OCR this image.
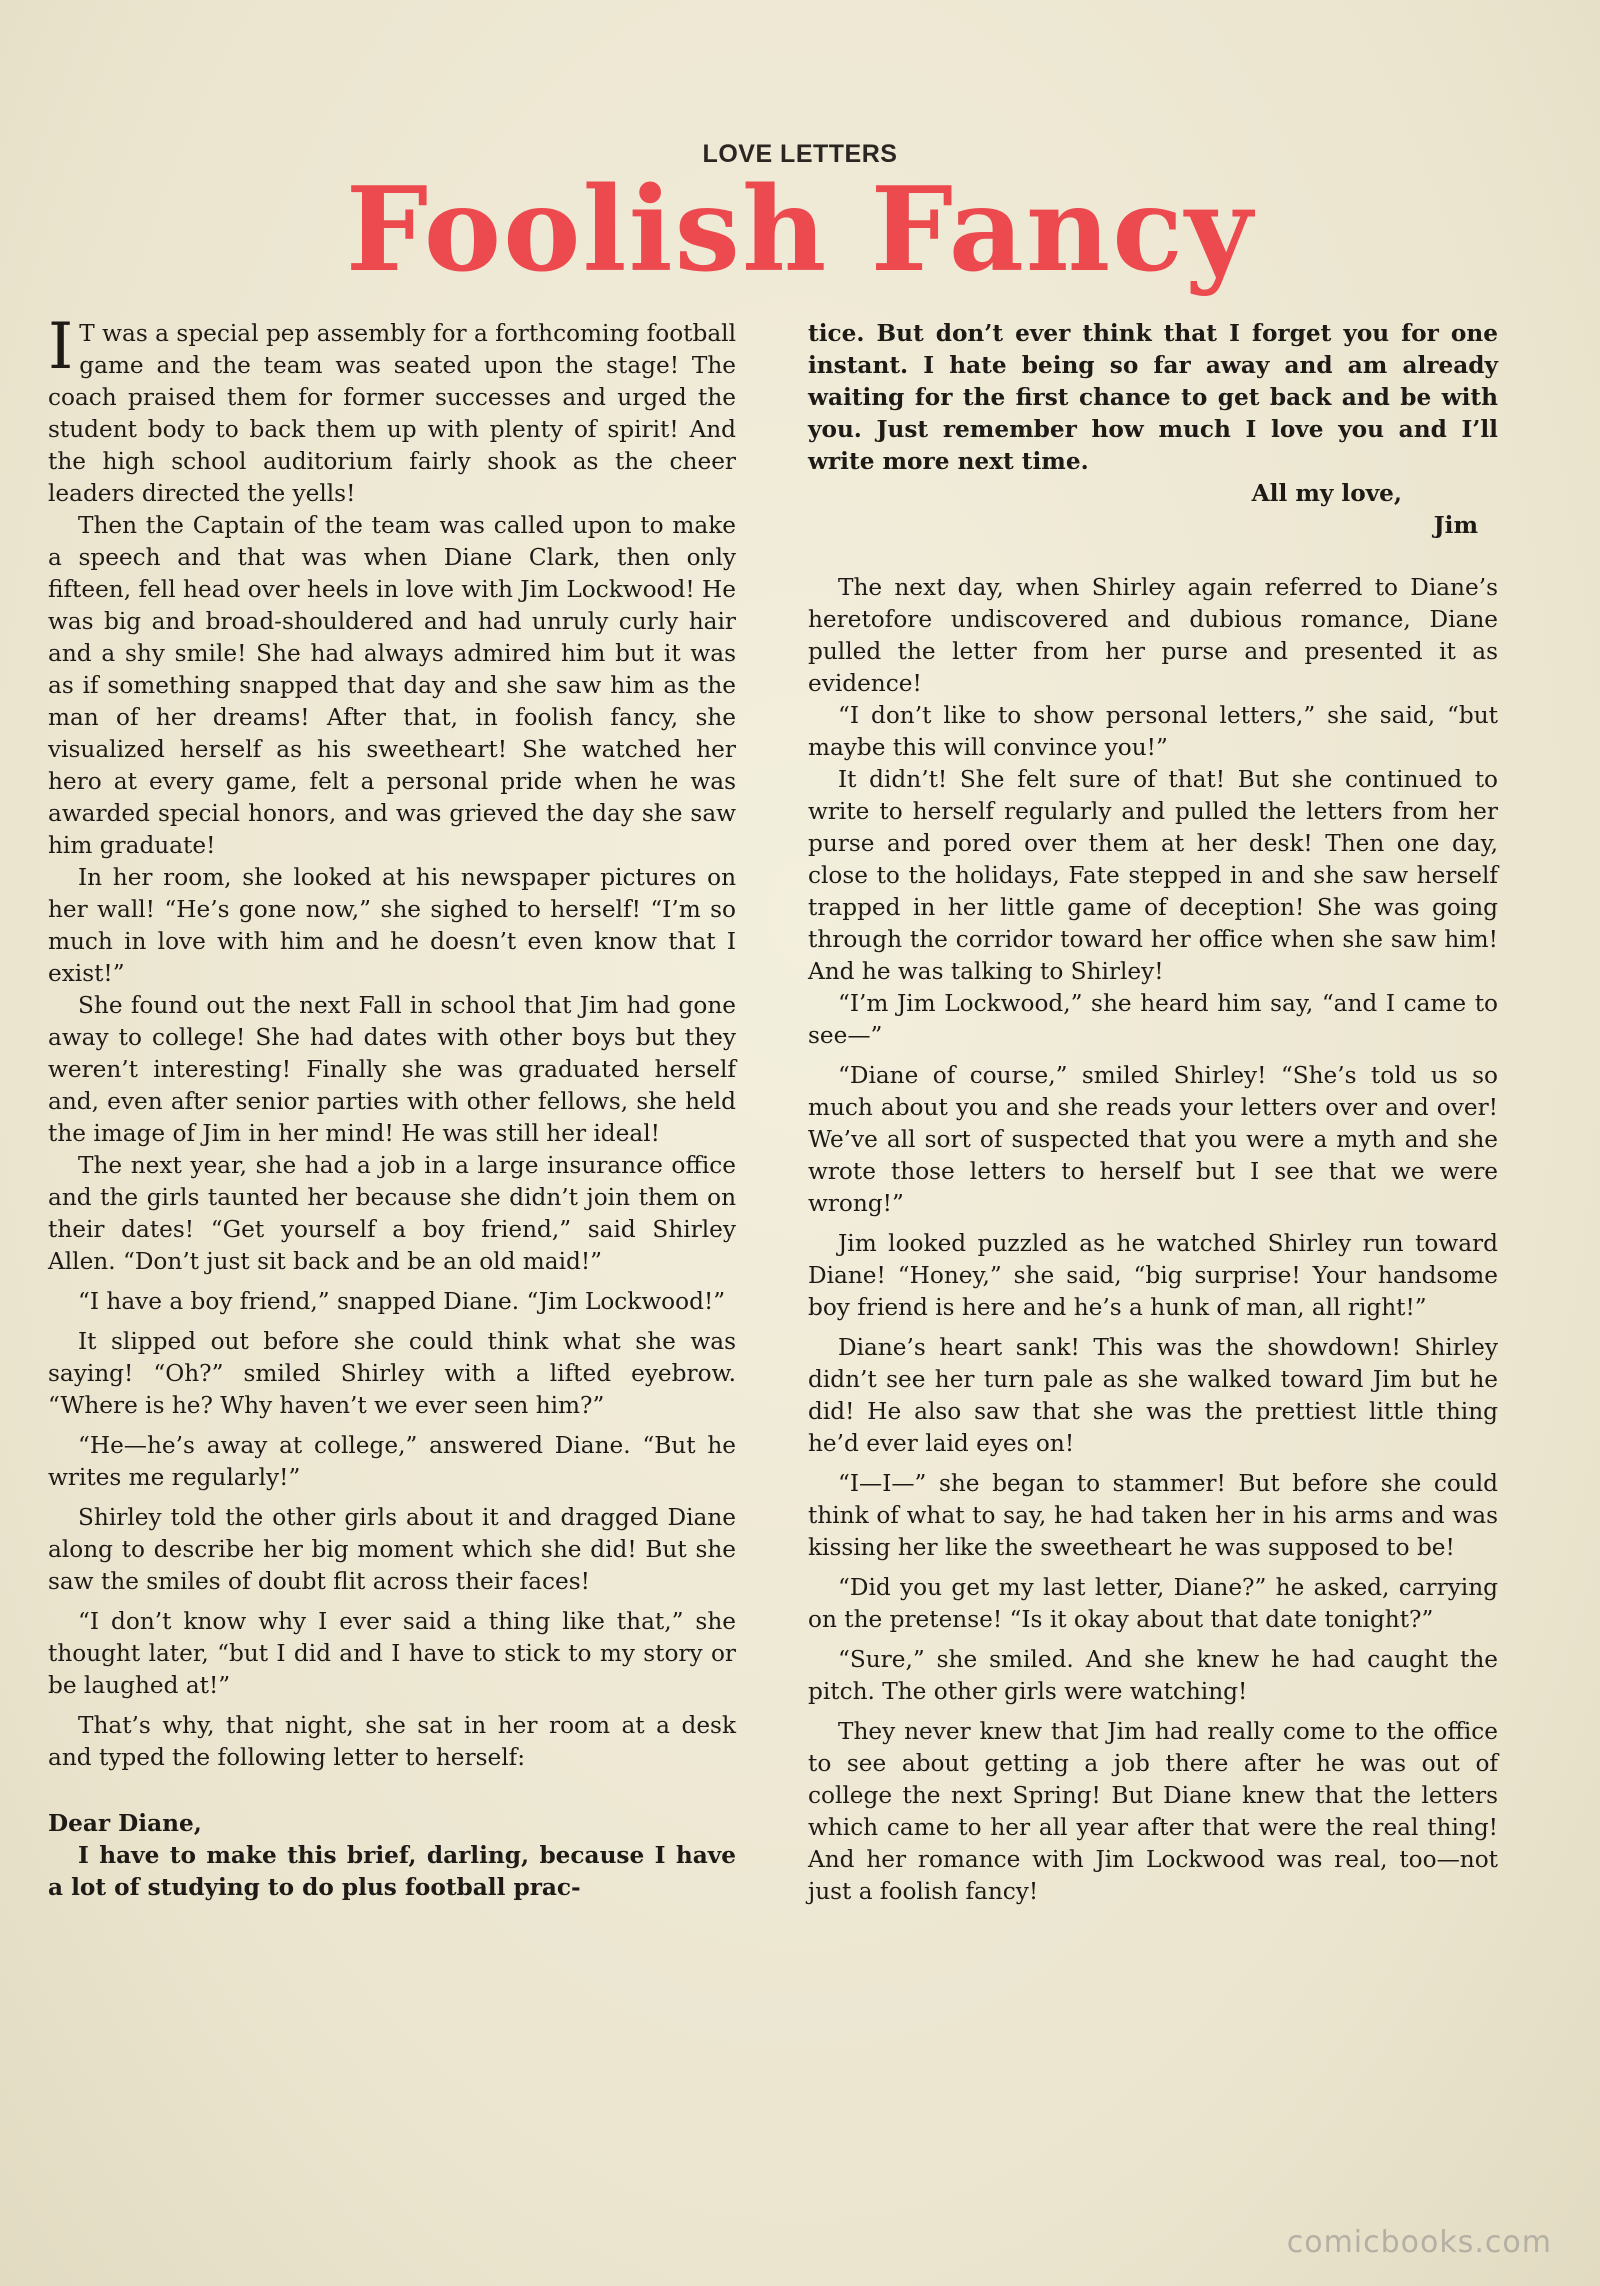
LOVE LETTERS
Foolish Fancy

I T was a special pep assembly for a forthcoming football game and the team was seated upon the stage! The coach praised them for former successes and urged the student body to back them up with plenty of spirit! And the high school auditorium fairly shook as the cheer leaders directed the yells!

Then the Captain of the team was called upon to make a speech and that was when Diane Clark, then only fifteen, fell head over heels in love with Jim Lockwood! He was big and broad-shouldered and had unruly curly hair and a shy smile! She had always admired him but it was as if something snapped that day and she saw him as the man of her dreams! After that, in foolish fancy, she visualized herself as his sweetheart! She watched her hero at every game, felt a personal pride when he was awarded special honors, and was grieved the day she saw him graduate!

In her room, she looked at his newspaper pictures on her wall! “He’s gone now,” she sighed to herself! “I’m so much in love with him and he doesn’t even know that I exist!”

She found out the next Fall in school that Jim had gone away to college! She had dates with other boys but they weren’t interesting! Finally she was graduated herself and, even after senior parties with other fellows, she held the image of Jim in her mind! He was still her ideal!

The next year, she had a job in a large insurance office and the girls taunted her because she didn’t join them on their dates! “Get yourself a boy friend,” said Shirley Allen. “Don’t just sit back and be an old maid!”

“I have a boy friend,” snapped Diane. “Jim Lockwood!”

It slipped out before she could think what she was saying! “Oh?” smiled Shirley with a lifted eyebrow. “Where is he? Why haven’t we ever seen him?”

“He—he’s away at college,” answered Diane. “But he writes me regularly!”

Shirley told the other girls about it and dragged Diane along to describe her big moment which she did! But she saw the smiles of doubt flit across their faces!

“I don’t know why I ever said a thing like that,” she thought later, “but I did and I have to stick to my story or be laughed at!”

That’s why, that night, she sat in her room at a desk and typed the following letter to herself:

Dear Diane,

I have to make this brief, darling, because I have a lot of studying to do plus football prac-

tice. But don’t ever think that I forget you for one instant. I hate being so far away and am already waiting for the first chance to get back and be with you. Just remember how much I love you and I’ll write more next time.

All my love,

Jim

The next day, when Shirley again referred to Diane’s heretofore undiscovered and dubious romance, Diane pulled the letter from her purse and presented it as evidence!

“I don’t like to show personal letters,” she said, “but maybe this will convince you!”

It didn’t! She felt sure of that! But she continued to write to herself regularly and pulled the letters from her purse and pored over them at her desk! Then one day, close to the holidays, Fate stepped in and she saw herself trapped in her little game of deception! She was going through the corridor toward her office when she saw him! And he was talking to Shirley!

“I’m Jim Lockwood,” she heard him say, “and I came to see—”

“Diane of course,” smiled Shirley! “She’s told us so much about you and she reads your letters over and over! We’ve all sort of suspected that you were a myth and she wrote those letters to herself but I see that we were wrong!”

Jim looked puzzled as he watched Shirley run toward Diane! “Honey,” she said, “big surprise! Your handsome boy friend is here and he’s a hunk of man, all right!”

Diane’s heart sank! This was the showdown! Shirley didn’t see her turn pale as she walked toward Jim but he did! He also saw that she was the prettiest little thing he’d ever laid eyes on!

“I—I—” she began to stammer! But before she could think of what to say, he had taken her in his arms and was kissing her like the sweetheart he was supposed to be!

“Did you get my last letter, Diane?” he asked, carrying on the pretense! “Is it okay about that date tonight?”

“Sure,” she smiled. And she knew he had caught the pitch. The other girls were watching!

They never knew that Jim had really come to the office to see about getting a job there after he was out of college the next Spring! But Diane knew that the letters which came to her all year after that were the real thing! And her romance with Jim Lockwood was real, too—not just a foolish fancy!

comicbooks.com
